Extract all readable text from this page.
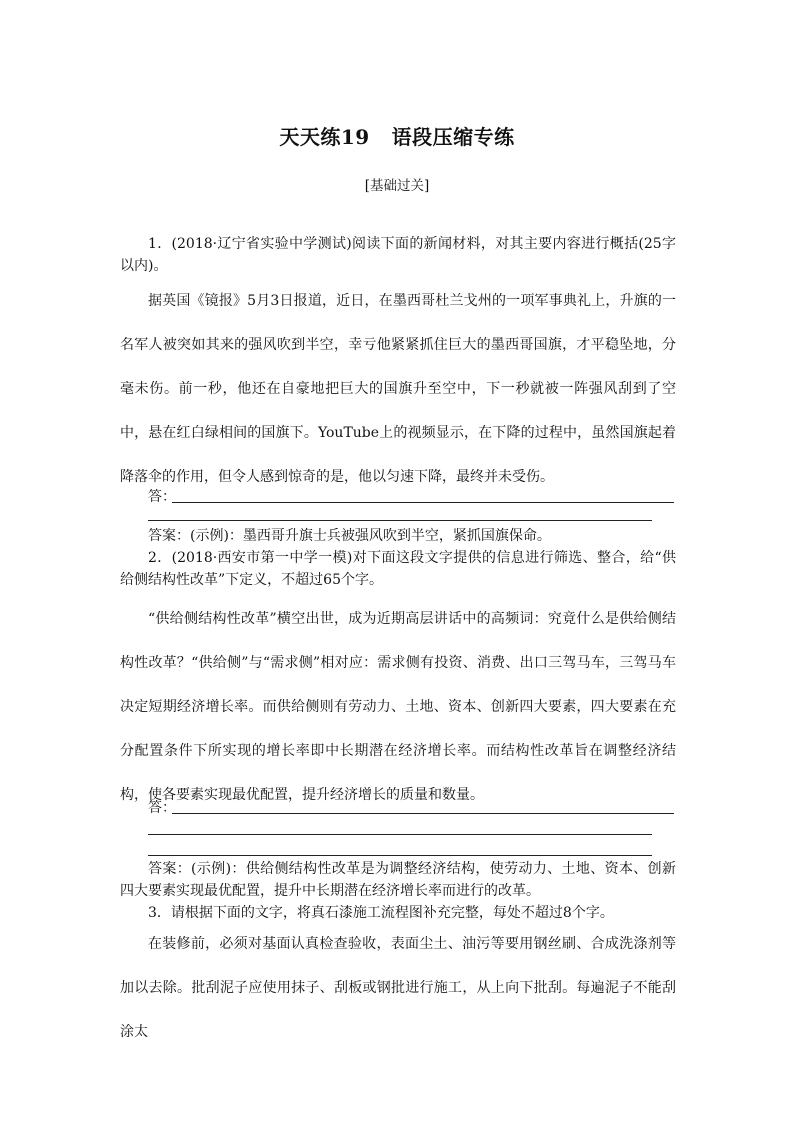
天天练19 语段压缩专练
[基础过关]
1．(2018·辽宁省实验中学测试)阅读下面的新闻材料，对其主要内容进行概括(25字以内)。
据英国《镜报》5月3日报道，近日，在墨西哥杜兰戈州的一项军事典礼上，升旗的一名军人被突如其来的强风吹到半空，幸亏他紧紧抓住巨大的墨西哥国旗，才平稳坠地，分毫未伤。前一秒，他还在自豪地把巨大的国旗升至空中，下一秒就被一阵强风刮到了空中，悬在红白绿相间的国旗下。YouTube上的视频显示，在下降的过程中，虽然国旗起着降落伞的作用，但令人感到惊奇的是，他以匀速下降，最终并未受伤。
答：
答案：(示例)：墨西哥升旗士兵被强风吹到半空，紧抓国旗保命。
2．(2018·西安市第一中学一模)对下面这段文字提供的信息进行筛选、整合，给“供给侧结构性改革”下定义，不超过65个字。
“供给侧结构性改革”横空出世，成为近期高层讲话中的高频词：究竟什么是供给侧结构性改革？“供给侧”与“需求侧”相对应：需求侧有投资、消费、出口三驾马车，三驾马车决定短期经济增长率。而供给侧则有劳动力、土地、资本、创新四大要素，四大要素在充分配置条件下所实现的增长率即中长期潜在经济增长率。而结构性改革旨在调整经济结构，使各要素实现最优配置，提升经济增长的质量和数量。
答：
答案：(示例)：供给侧结构性改革是为调整经济结构，使劳动力、土地、资本、创新四大要素实现最优配置，提升中长期潜在经济增长率而进行的改革。
3．请根据下面的文字，将真石漆施工流程图补充完整，每处不超过8个字。
在装修前，必须对基面认真检查验收，表面尘土、油污等要用钢丝刷、合成洗涤剂等加以去除。批刮泥子应使用抹子、刮板或钢批进行施工，从上向下批刮。每遍泥子不能刮涂太
